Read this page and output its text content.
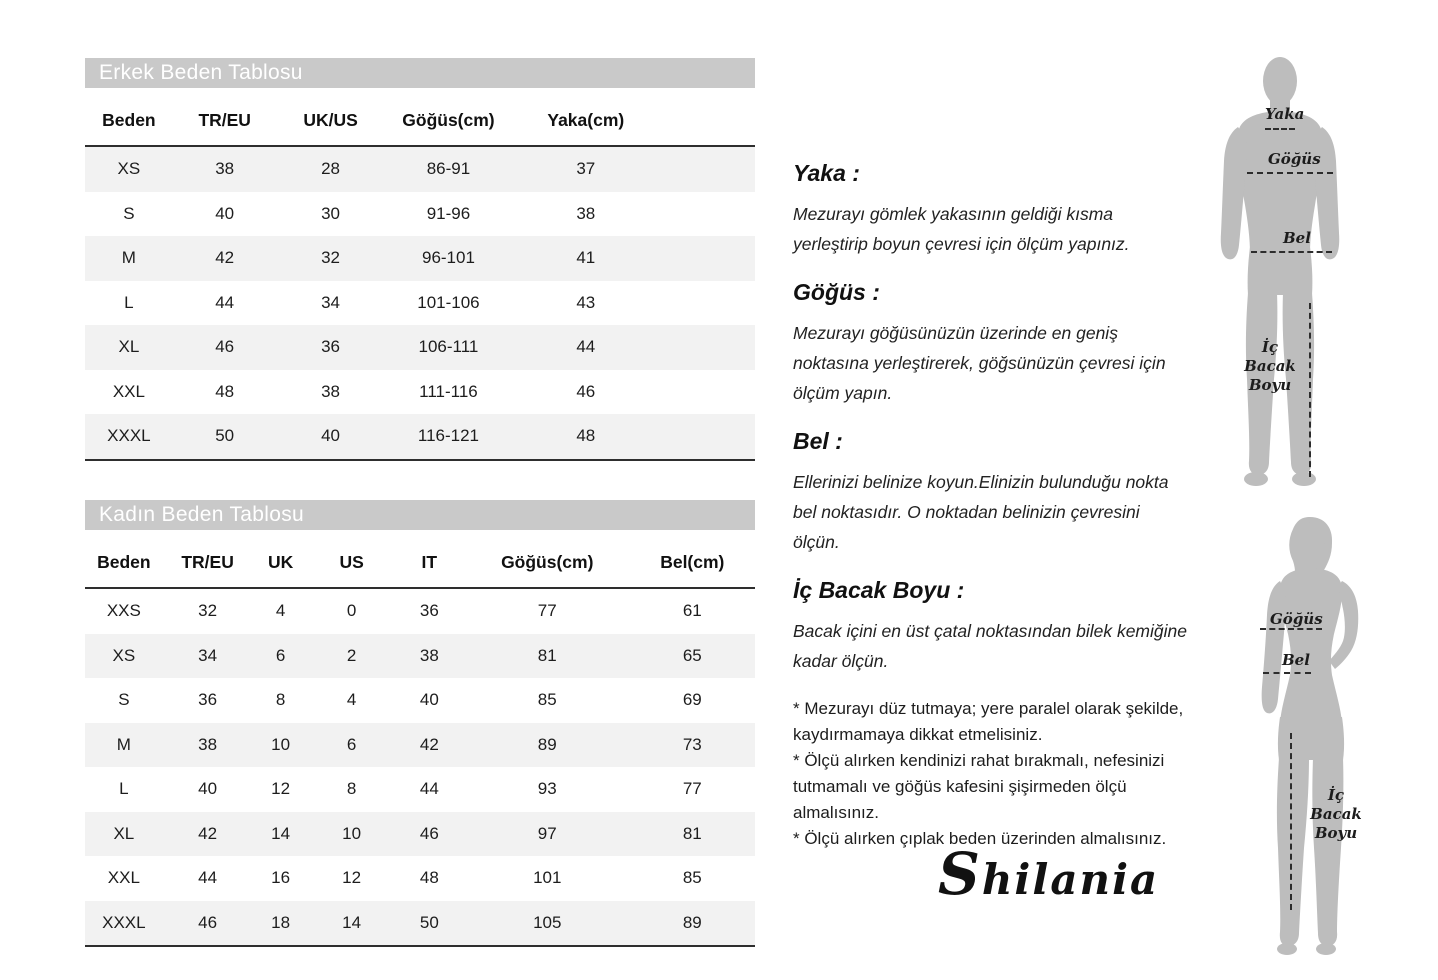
Erkek Beden Tablosu
Beden	TR/EU	UK/US	Göğüs(cm)	Yaka(cm)
XS	38	28	86-91	37
S	40	30	91-96	38
M	42	32	96-101	41
L	44	34	101-106	43
XL	46	36	106-111	44
XXL	48	38	111-116	46
XXXL	50	40	116-121	48
Kadın Beden Tablosu
Beden	TR/EU	UK	US	IT	Göğüs(cm)	Bel(cm)
XXS	32	4	0	36	77	61
XS	34	6	2	38	81	65
S	36	8	4	40	85	69
M	38	10	6	42	89	73
L	40	12	8	44	93	77
XL	42	14	10	46	97	81
XXL	44	16	12	48	101	85
XXXL	46	18	14	50	105	89
Yaka :

Mezurayı gömlek yakasının geldiği kısma yerleştirip boyun çevresi için ölçüm yapınız.

Göğüs :

Mezurayı göğüsünüzün üzerinde en geniş noktasına yerleştirerek, göğsünüzün çevresi için ölçüm yapın.

Bel :

Ellerinizi belinize koyun.Elinizin bulunduğu nokta bel noktasıdır. O noktadan belinizin çevresini ölçün.

İç Bacak Boyu :

Bacak içini en üst çatal noktasından bilek kemiğine kadar ölçün.

* Mezurayı düz tutmaya; yere paralel olarak şekilde, kaydırmamaya dikkat etmelisiniz.

* Ölçü alırken kendinizi rahat bırakmalı, nefesinizi tutmamalı ve göğüs kafesini şişirmeden ölçü almalısınız.

* Ölçü alırken çıplak beden üzerinden almalısınız.

Shilania
Yaka
Göğüs
Bel
İç Bacak Boyu
Göğüs
Bel
İç Bacak Boyu
